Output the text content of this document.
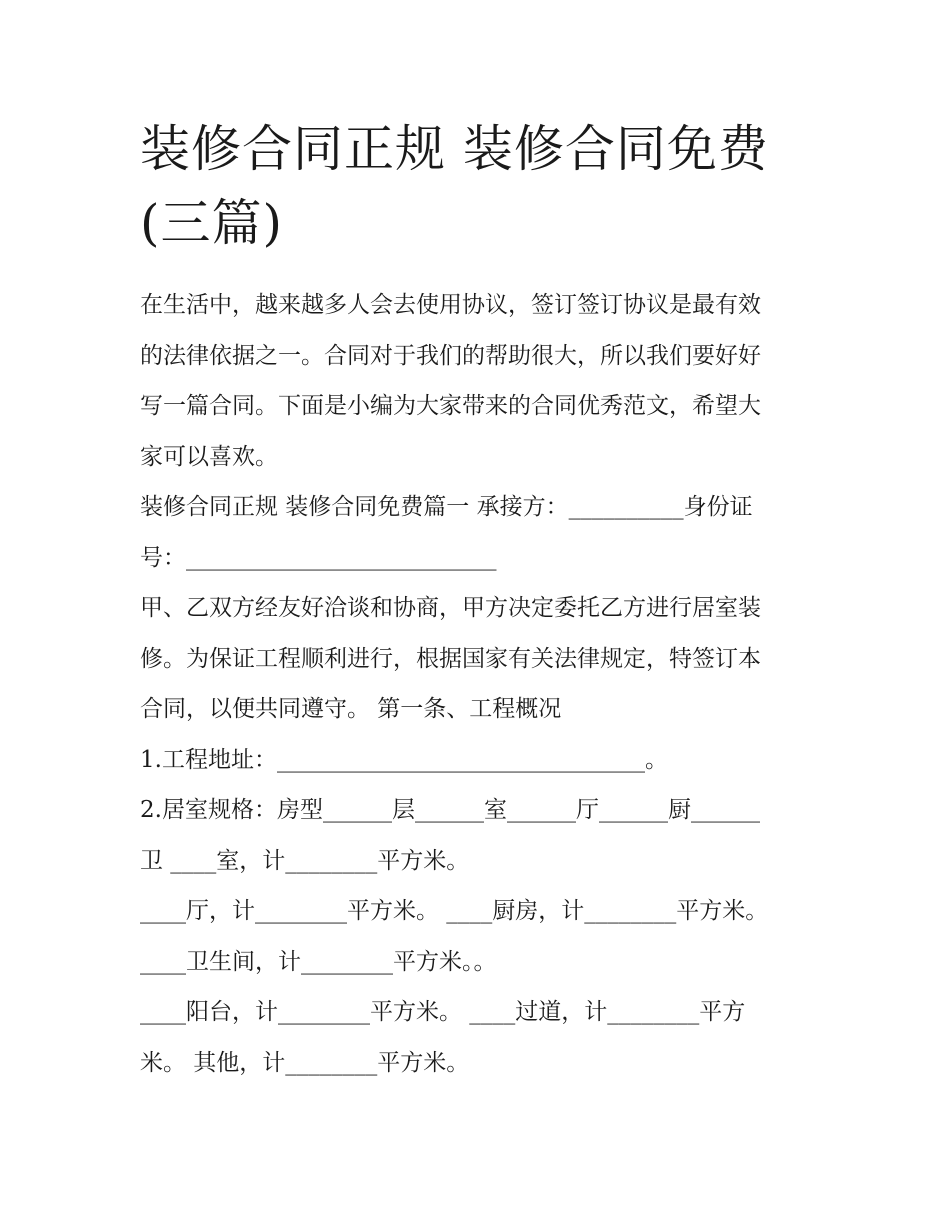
装修合同正规 装修合同免费
(三篇)

在生活中，越来越多人会去使用协议，签订签订协议是最有效
的法律依据之一。合同对于我们的帮助很大，所以我们要好好
写一篇合同。下面是小编为大家带来的合同优秀范文，希望大
家可以喜欢。

装修合同正规 装修合同免费篇一 承接方：__________身份证
号：___________________________

甲、乙双方经友好洽谈和协商，甲方决定委托乙方进行居室装
修。为保证工程顺利进行，根据国家有关法律规定，特签订本
合同，以便共同遵守。 第一条、工程概况

1.工程地址：________________________________。

2.居室规格：房型______层______室______厅______厨______
卫 ____室，计________平方米。

____厅，计________平方米。 ____厨房，计________平方米。
____卫生间，计________平方米。。

____阳台，计________平方米。 ____过道，计________平方
米。 其他，计________平方米。
